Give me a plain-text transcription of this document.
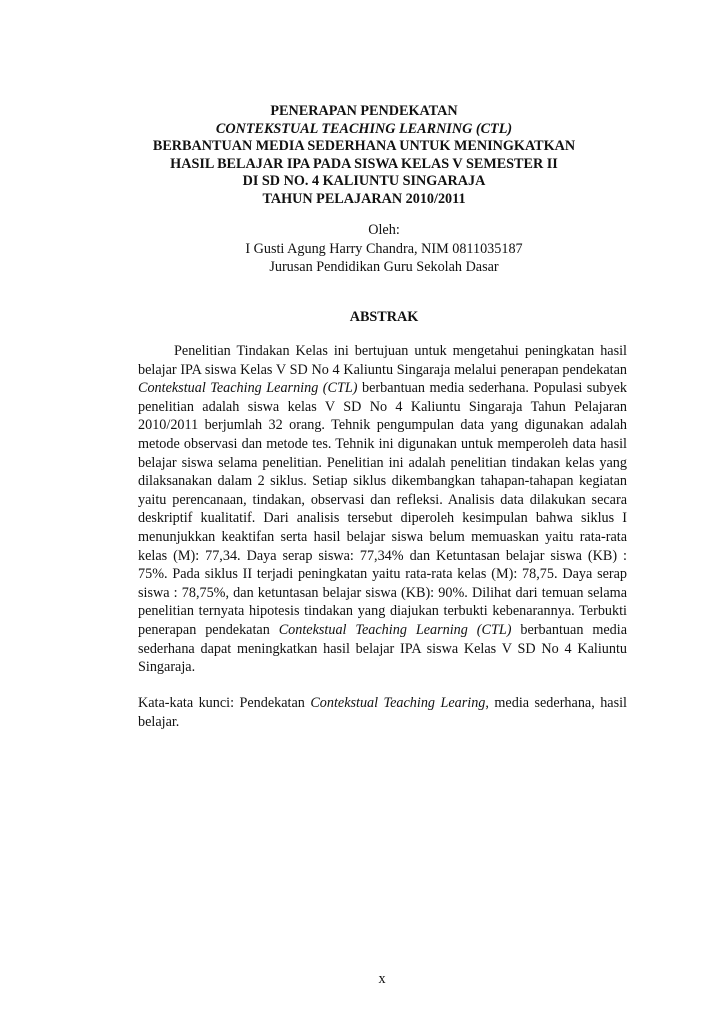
PENERAPAN PENDEKATAN
CONTEKSTUAL TEACHING LEARNING (CTL)
BERBANTUAN MEDIA SEDERHANA UNTUK MENINGKATKAN
HASIL BELAJAR IPA PADA SISWA KELAS V SEMESTER II
DI SD NO. 4 KALIUNTU SINGARAJA
TAHUN PELAJARAN 2010/2011
Oleh:
I Gusti Agung Harry Chandra, NIM 0811035187
Jurusan Pendidikan Guru Sekolah Dasar
ABSTRAK

Penelitian Tindakan Kelas ini bertujuan untuk mengetahui peningkatan hasil belajar IPA siswa Kelas V SD No 4 Kaliuntu Singaraja melalui penerapan pendekatan Contekstual Teaching Learning (CTL) berbantuan media sederhana. Populasi subyek penelitian adalah siswa kelas V SD No 4 Kaliuntu Singaraja Tahun Pelajaran 2010/2011 berjumlah 32 orang. Tehnik pengumpulan data yang digunakan adalah metode observasi dan metode tes. Tehnik ini digunakan untuk memperoleh data hasil belajar siswa selama penelitian. Penelitian ini adalah penelitian tindakan kelas yang dilaksanakan dalam 2 siklus. Setiap siklus dikembangkan tahapan-tahapan kegiatan yaitu perencanaan, tindakan, observasi dan refleksi. Analisis data dilakukan secara deskriptif kualitatif. Dari analisis tersebut diperoleh kesimpulan bahwa siklus I menunjukkan keaktifan serta hasil belajar siswa belum memuaskan yaitu rata-rata kelas (M): 77,34. Daya serap siswa: 77,34% dan Ketuntasan belajar siswa (KB) : 75%. Pada siklus II terjadi peningkatan yaitu rata-rata kelas (M): 78,75. Daya serap siswa : 78,75%, dan ketuntasan belajar siswa (KB): 90%. Dilihat dari temuan selama penelitian ternyata hipotesis tindakan yang diajukan terbukti kebenarannya. Terbukti penerapan pendekatan Contekstual Teaching Learning (CTL) berbantuan media sederhana dapat meningkatkan hasil belajar IPA siswa Kelas V SD No 4 Kaliuntu Singaraja.

Kata-kata kunci: Pendekatan Contekstual Teaching Learing, media sederhana, hasil belajar.

x
